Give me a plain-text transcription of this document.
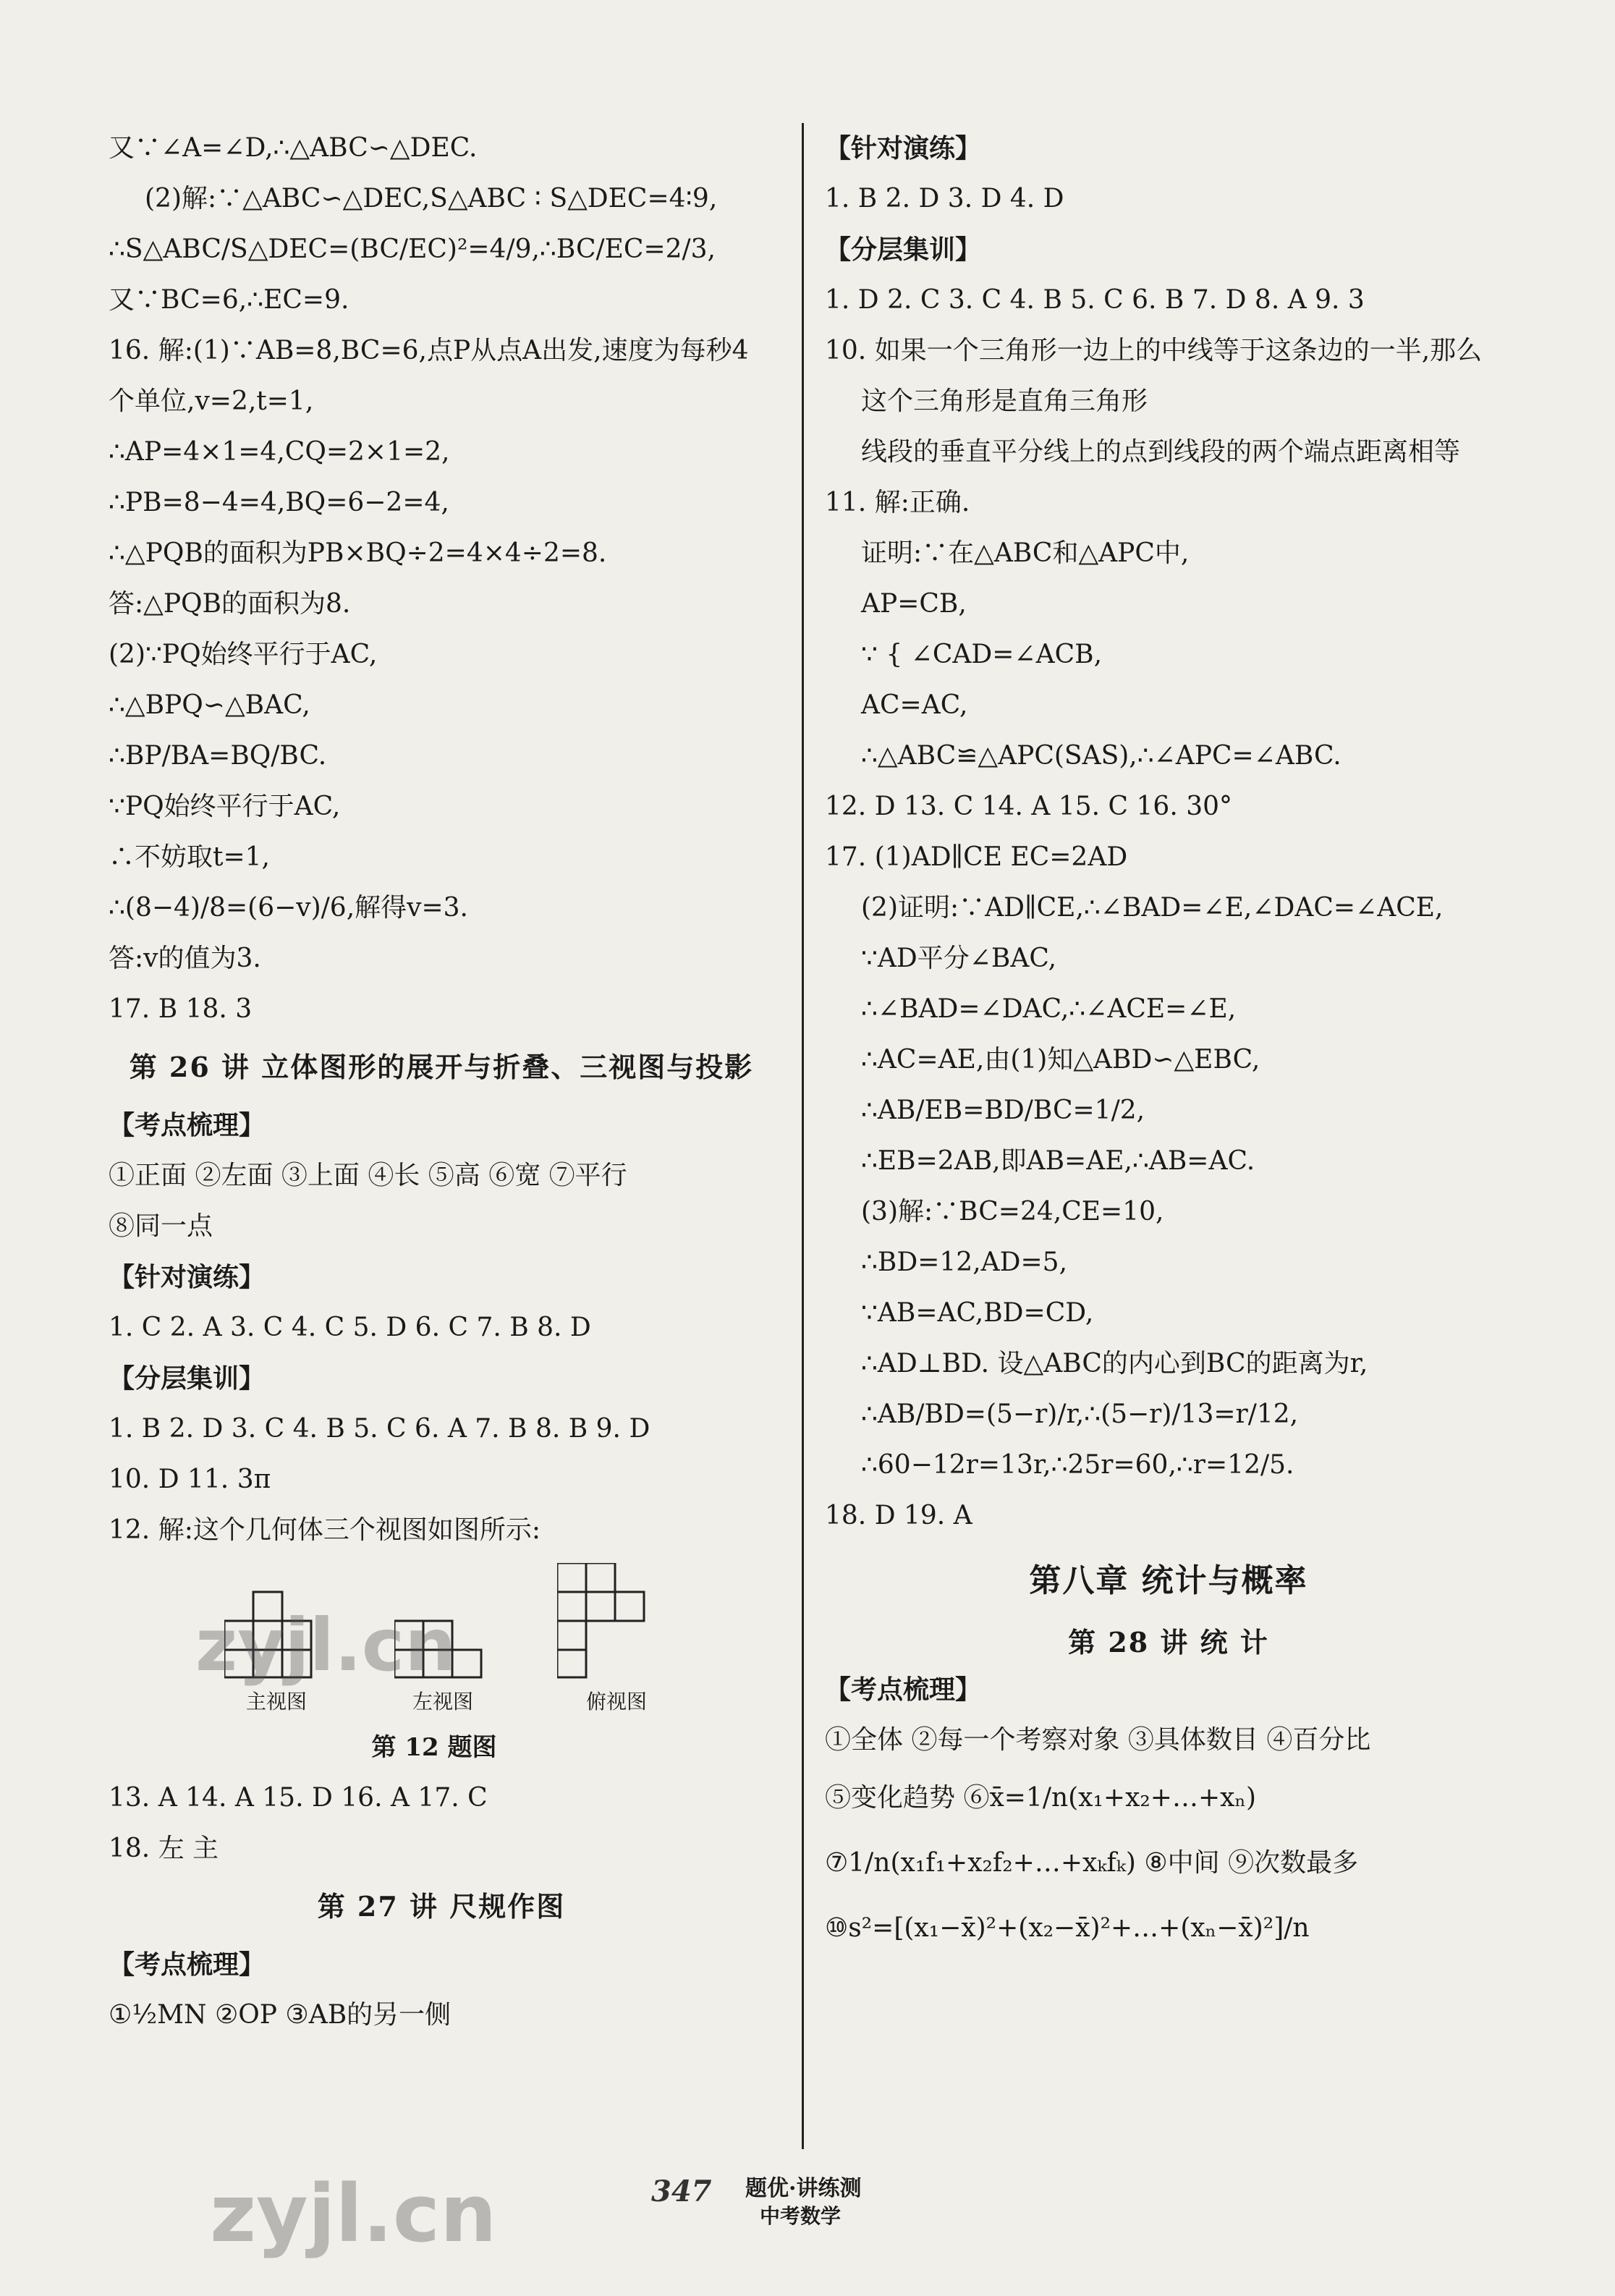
又∵∠A=∠D,∴△ABC∽△DEC.
(2)解:∵△ABC∽△DEC,S△ABC ∶ S△DEC=4∶9,
∴S△ABC/S△DEC=(BC/EC)²=4/9,∴BC/EC=2/3,
又∵BC=6,∴EC=9.
16. 解:(1)∵AB=8,BC=6,点P从点A出发,速度为每秒4
个单位,v=2,t=1,
∴AP=4×1=4,CQ=2×1=2,
∴PB=8−4=4,BQ=6−2=4,
∴△PQB的面积为PB×BQ÷2=4×4÷2=8.
答:△PQB的面积为8.
(2)∵PQ始终平行于AC,
∴△BPQ∽△BAC,
∴BP/BA=BQ/BC.
∵PQ始终平行于AC,
∴不妨取t=1,
∴(8−4)/8=(6−v)/6,解得v=3.
答:v的值为3.
17. B 18. 3
第 26 讲 立体图形的展开与折叠、三视图与投影
【考点梳理】
①正面 ②左面 ③上面 ④长 ⑤高 ⑥宽 ⑦平行
⑧同一点
【针对演练】
1. C 2. A 3. C 4. C 5. D 6. C 7. B 8. D
【分层集训】
1. B 2. D 3. C 4. B 5. C 6. A 7. B 8. B 9. D
10. D 11. 3π
12. 解:这个几何体三个视图如图所示:
主视图	左视图	俯视图
第 12 题图
13. A 14. A 15. D 16. A 17. C
18. 左 主
第 27 讲 尺规作图
【考点梳理】
①½MN ②OP ③AB的另一侧
【针对演练】
1. B 2. D 3. D 4. D
【分层集训】
1. D 2. C 3. C 4. B 5. C 6. B 7. D 8. A 9. 3
10. 如果一个三角形一边上的中线等于这条边的一半,那么
这个三角形是直角三角形
线段的垂直平分线上的点到线段的两个端点距离相等
11. 解:正确.
证明:∵在△ABC和△APC中,
AP=CB,
∵ { ∠CAD=∠ACB,
AC=AC,
∴△ABC≌△APC(SAS),∴∠APC=∠ABC.
12. D 13. C 14. A 15. C 16. 30°
17. (1)AD∥CE EC=2AD
(2)证明:∵AD∥CE,∴∠BAD=∠E,∠DAC=∠ACE,
∵AD平分∠BAC,
∴∠BAD=∠DAC,∴∠ACE=∠E,
∴AC=AE,由(1)知△ABD∽△EBC,
∴AB/EB=BD/BC=1/2,
∴EB=2AB,即AB=AE,∴AB=AC.
(3)解:∵BC=24,CE=10,
∴BD=12,AD=5,
∵AB=AC,BD=CD,
∴AD⊥BD. 设△ABC的内心到BC的距离为r,
∴AB/BD=(5−r)/r,∴(5−r)/13=r/12,
∴60−12r=13r,∴25r=60,∴r=12/5.
18. D 19. A
第八章 统计与概率
第 28 讲 统 计
【考点梳理】
①全体 ②每一个考察对象 ③具体数目 ④百分比
⑤变化趋势 ⑥x̄=1/n(x₁+x₂+…+xₙ)
⑦1/n(x₁f₁+x₂f₂+…+xₖfₖ) ⑧中间 ⑨次数最多
⑩s²=[(x₁−x̄)²+(x₂−x̄)²+…+(xₙ−x̄)²]/n
347 题优·讲练测
中考数学
zyjl.cn
zyjl.cn
